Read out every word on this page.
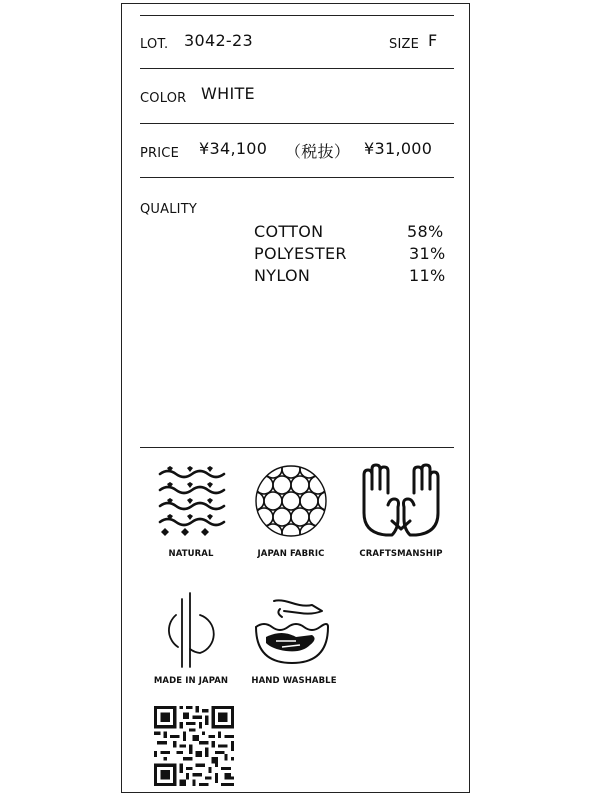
LOT. 3042-23	SIZE F
COLOR WHITE
PRICE ¥34,100 （税抜） ¥31,000
QUALITY
COTTON	58%
POLYESTER	31%
NYLON	11%
NATURAL	JAPAN FABRIC	CRAFTSMANSHIP
MADE IN JAPAN	HAND WASHABLE
